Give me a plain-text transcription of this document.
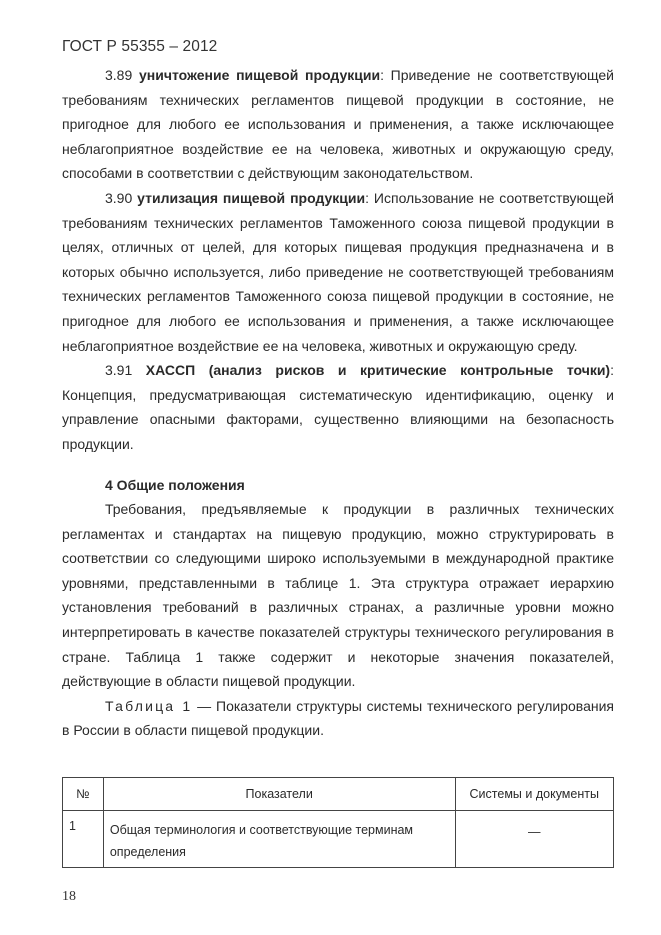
ГОСТ Р 55355 – 2012

3.89 уничтожение пищевой продукции: Приведение не соответствующей требованиям технических регламентов пищевой продукции в состояние, не пригодное для любого ее использования и применения, а также исключающее неблагоприятное воздействие ее на человека, животных и окружающую среду, способами в соответствии с действующим законодательством.

3.90 утилизация пищевой продукции: Использование не соответствующей требованиям технических регламентов Таможенного союза пищевой продукции в целях, отличных от целей, для которых пищевая продукция предназначена и в которых обычно используется, либо приведение не соответствующей требованиям технических регламентов Таможенного союза пищевой продукции в состояние, не пригодное для любого ее использования и применения, а также исключающее неблагоприятное воздействие ее на человека, животных и окружающую среду.

3.91 ХАССП (анализ рисков и критические контрольные точки): Концепция, предусматривающая систематическую идентификацию, оценку и управление опасными факторами, существенно влияющими на безопасность продукции.

4 Общие положения

Требования, предъявляемые к продукции в различных технических регламентах и стандартах на пищевую продукцию, можно структурировать в соответствии со следующими широко используемыми в международной практике уровнями, представленными в таблице 1. Эта структура отражает иерархию установления требований в различных странах, а различные уровни можно интерпретировать в качестве показателей структуры технического регулирования в стране. Таблица 1 также содержит и некоторые значения показателей, действующие в области пищевой продукции.

Таблица 1 — Показатели структуры системы технического регулирования в России в области пищевой продукции.

№	Показатели	Системы и документы

1	Общая терминология и соответствующие терминам определения	—
18
